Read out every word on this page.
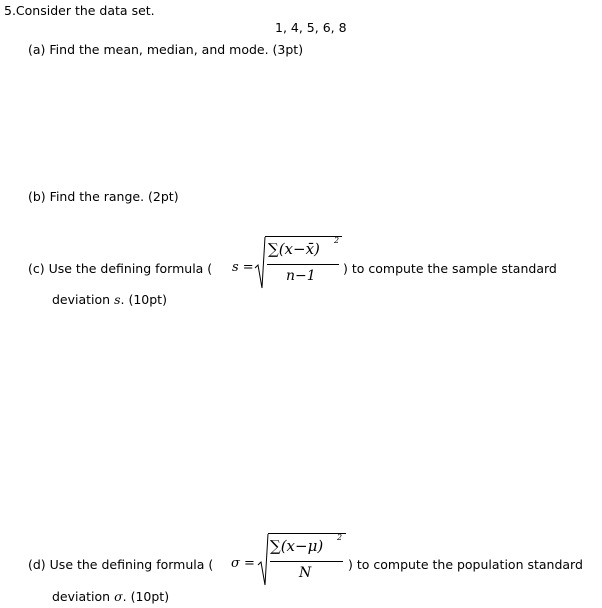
5.Consider the data set.
1, 4, 5, 6, 8
(a) Find the mean, median, and mode. (3pt)
(b) Find the range. (2pt)
(c) Use the defining formula ( s =
∑(x−x̄) 2
n−1 ) to compute the sample standard
deviation s. (10pt)
(d) Use the defining formula ( σ =
∑(x−μ) 2
N
) to compute the population standard
deviation σ. (10pt)
